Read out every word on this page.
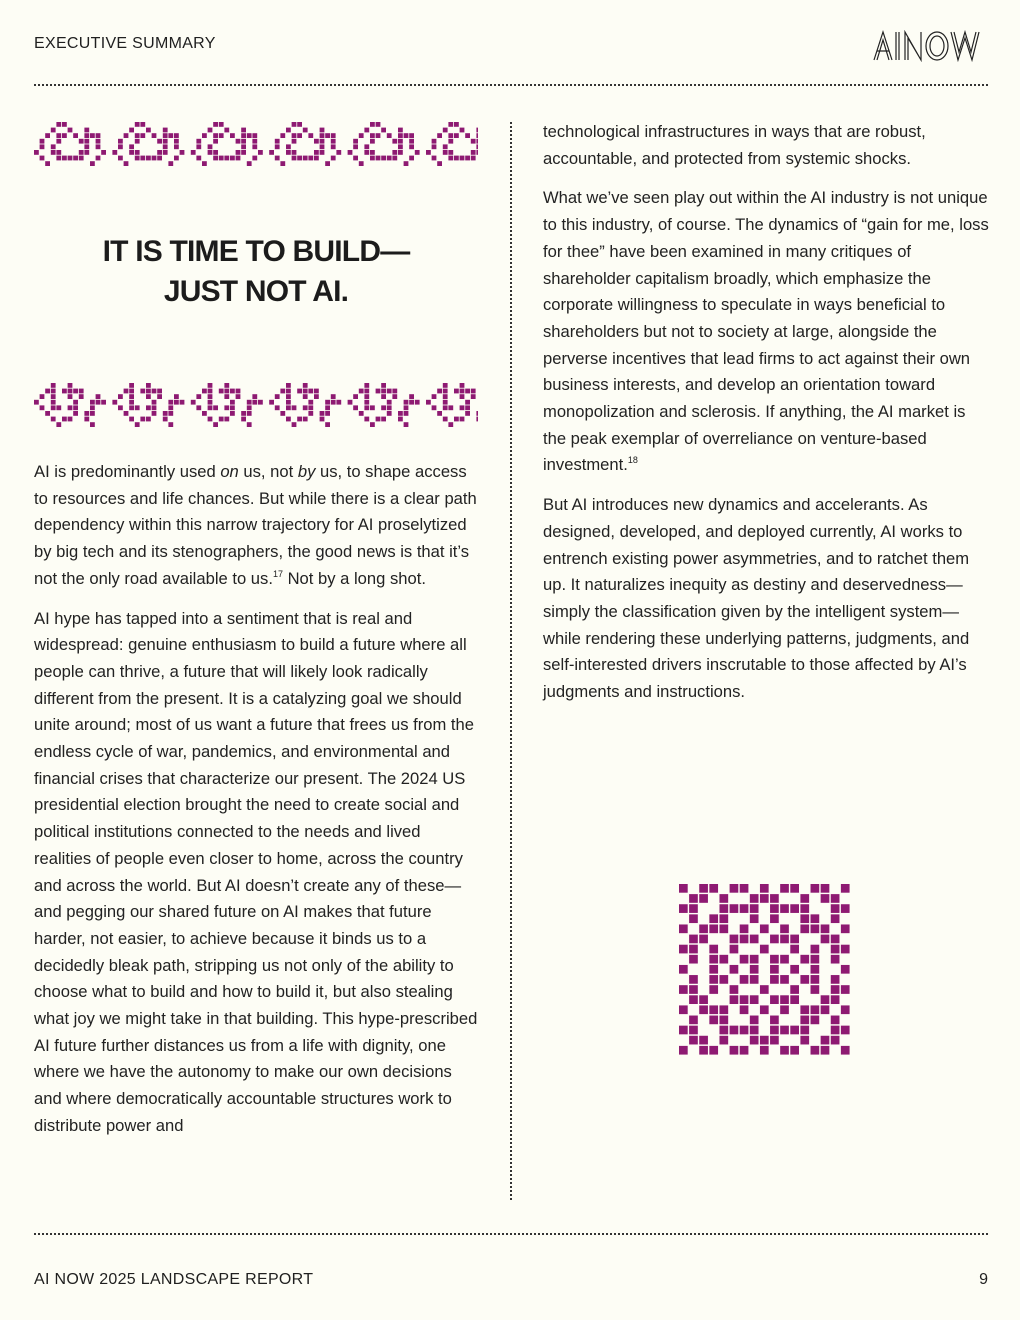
EXECUTIVE SUMMARY
IT IS TIME TO BUILD—
JUST NOT AI.

AI is predominantly used on us, not by us, to shape access to resources and life chances. But while there is a clear path dependency within this narrow trajectory for AI proselytized by big tech and its stenographers, the good news is that it’s not the only road available to us.$^{17}$ Not by a long shot.

AI hype has tapped into a sentiment that is real and widespread: genuine enthusiasm to build a future where all people can thrive, a future that will likely look radically different from the present. It is a catalyzing goal we should unite around; most of us want a future that frees us from the endless cycle of war, pandemics, and environmental and financial crises that characterize our present. The 2024 US presidential election brought the need to create social and political institutions connected to the needs and lived realities of people even closer to home, across the country and across the world. But AI doesn’t create any of these—and pegging our shared future on AI makes that future harder, not easier, to achieve because it binds us to a decidedly bleak path, stripping us not only of the ability to choose what to build and how to build it, but also stealing what joy we might take in that building. This hype-prescribed AI future further distances us from a life with dignity, one where we have the autonomy to make our own decisions and where democratically accountable structures work to distribute power and

technological infrastructures in ways that are robust, accountable, and protected from systemic shocks.

What we’ve seen play out within the AI industry is not unique to this industry, of course. The dynamics of “gain for me, loss for thee” have been examined in many critiques of shareholder capitalism broadly, which emphasize the corporate willingness to speculate in ways beneficial to shareholders but not to society at large, alongside the perverse incentives that lead firms to act against their own business interests, and develop an orientation toward monopolization and sclerosis. If anything, the AI market is the peak exemplar of overreliance on venture-based investment.$^{18}$

But AI introduces new dynamics and accelerants. As designed, developed, and deployed currently, AI works to entrench existing power asymmetries, and to ratchet them up. It naturalizes inequity as destiny and deservedness—simply the classification given by the intelligent system—while rendering these underlying patterns, judgments, and self-interested drivers inscrutable to those affected by AI’s judgments and instructions.

AI NOW 2025 LANDSCAPE REPORT	9
